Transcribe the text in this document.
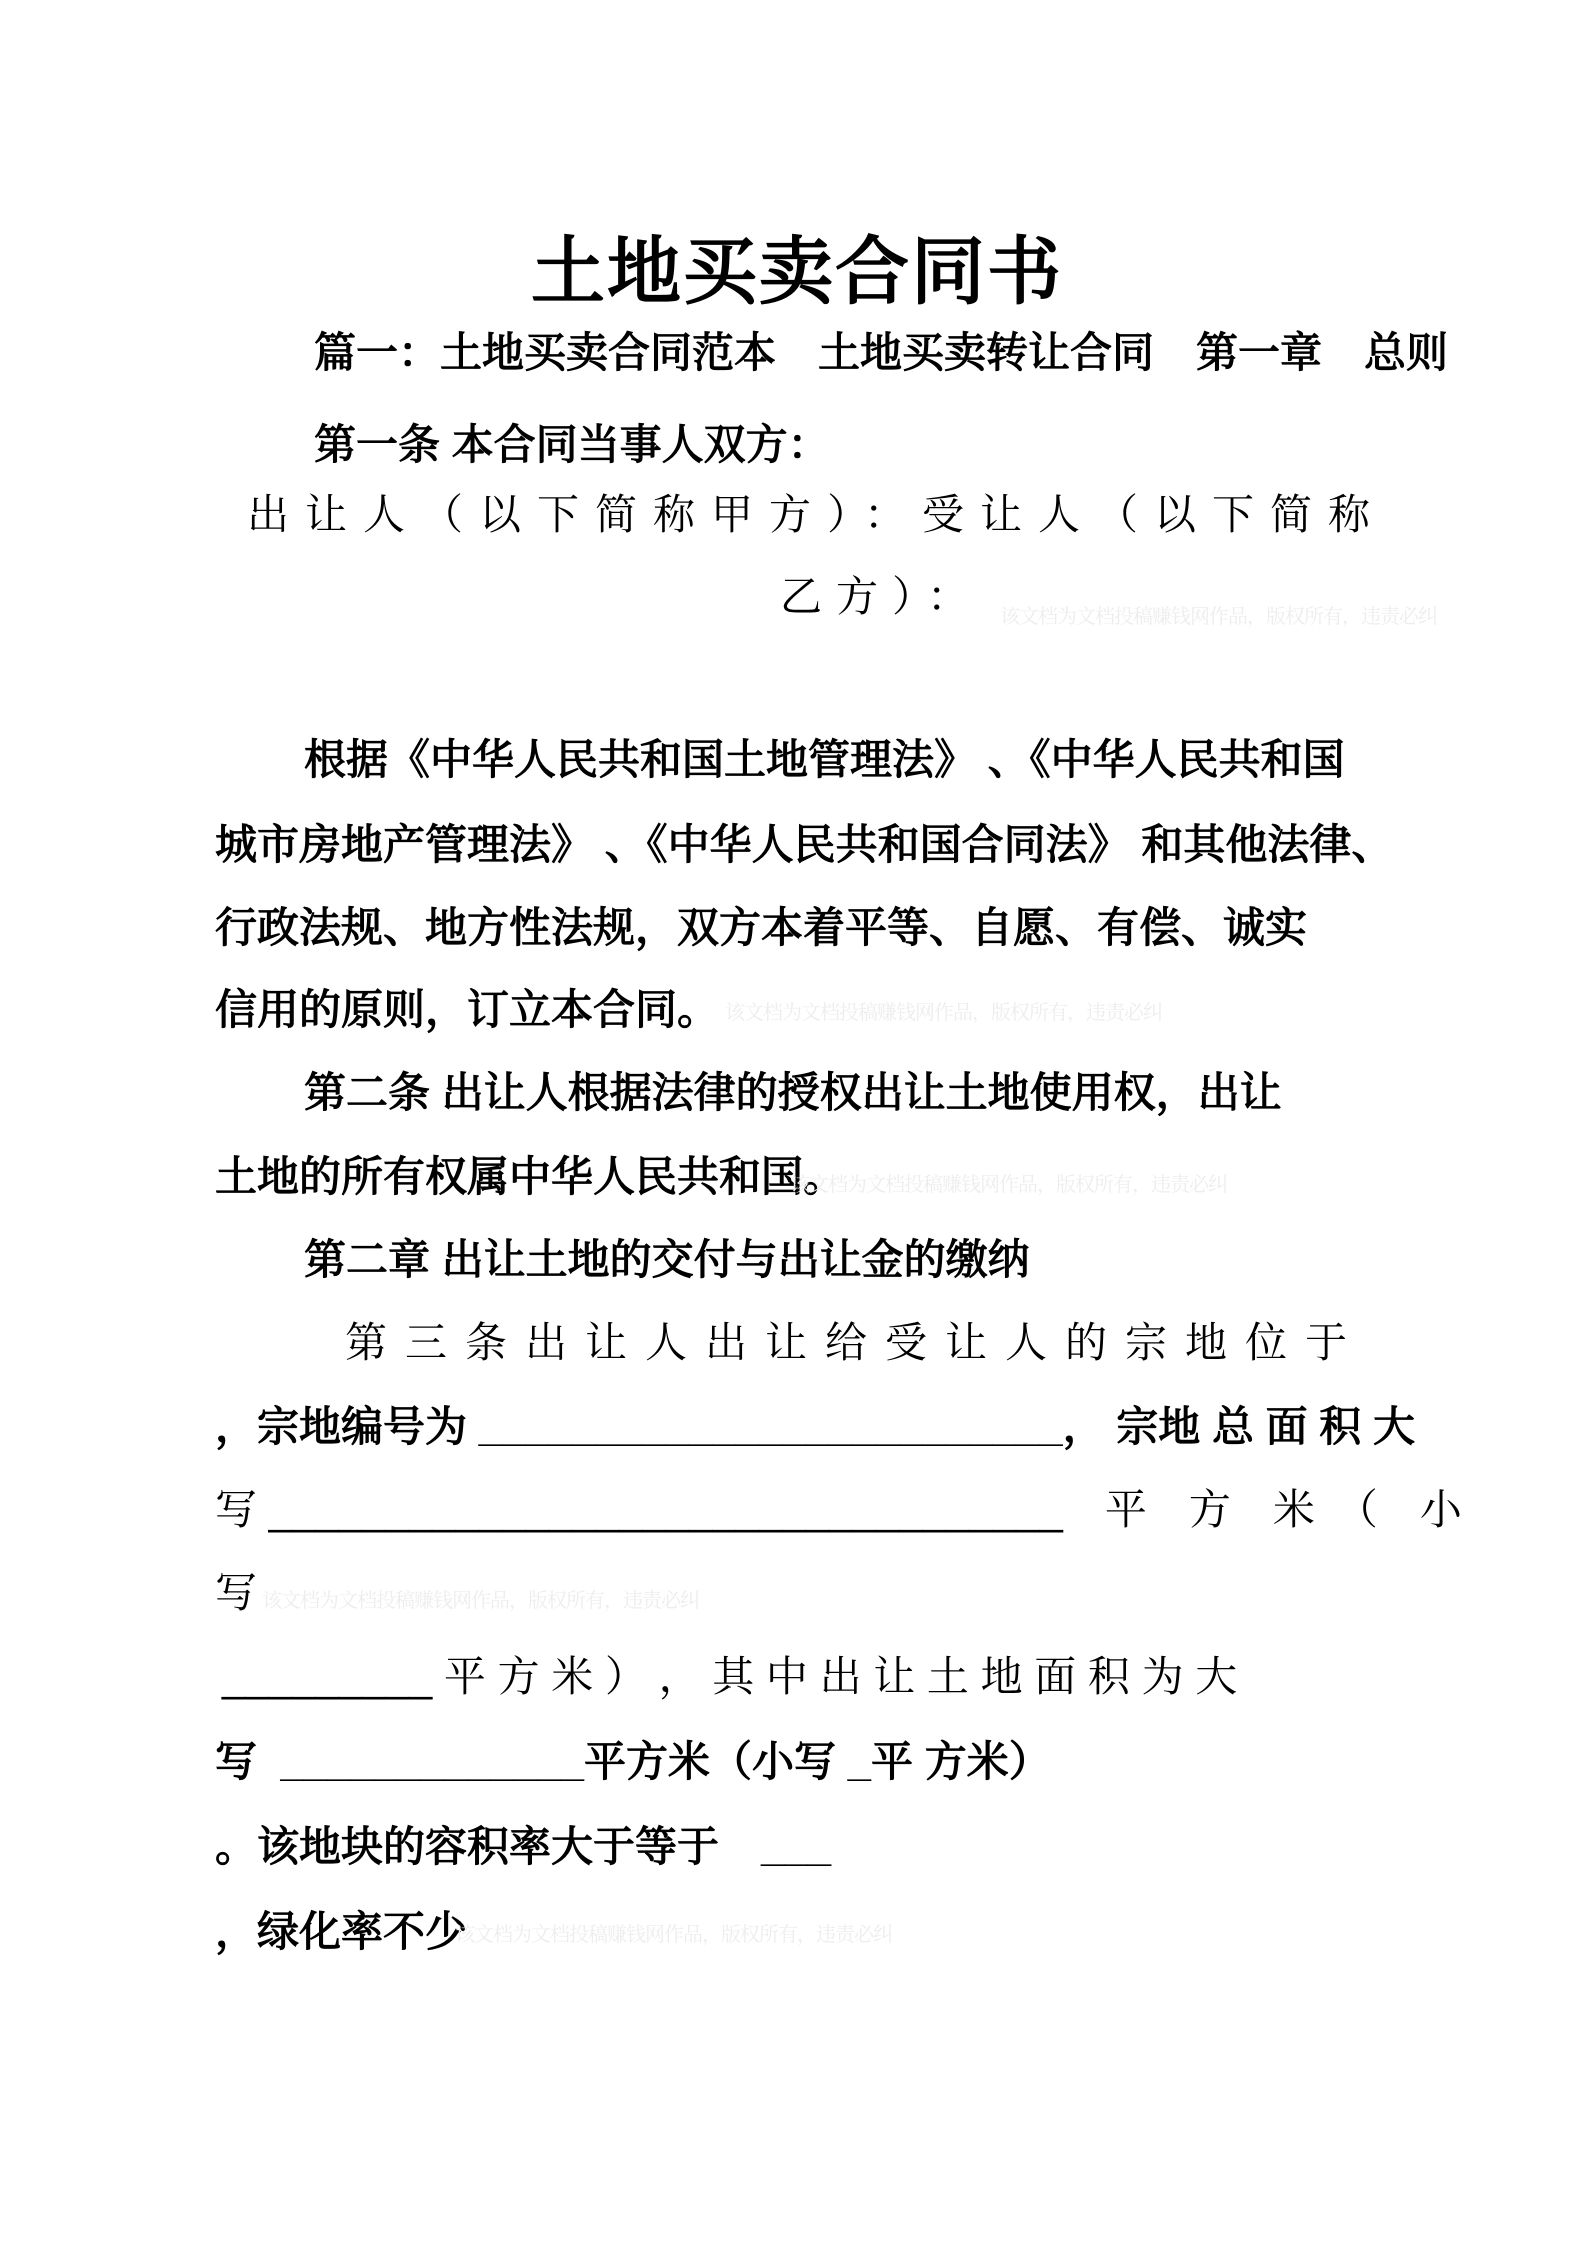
土地买卖合同书
篇一：土地买卖合同范本　土地买卖转让合同　第一章　总则
第一条 本合同当事人双方：
出让人（以下简称甲方）：受让人（以下简称
乙方）：
根据《中华人民共和国土地管理法》 、《中华人民共和国
城市房地产管理法》 、《中华人民共和国合同法》 和其他法律、
行政法规、地方性法规，双方本着平等、自愿、有偿、诚实
信用的原则，订立本合同。
第二条 出让人根据法律的授权出让土地使用权，出让
土地的所有权属中华人民共和国。
第二章 出让土地的交付与出让金的缴纳
第三条出让人出让给受让人的宗地位于
，宗地编号为 _________________________， 宗地 总 面 积 大
写 __________________________________　平　方　米　（　小
写
_________ 平 方 米 ） ， 其 中 出 让 土 地 面 积 为 大
写  _____________平方米（小写 _平 方米）
。该地块的容积率大于等于　___
，绿化率不少
该文档为文档投稿赚钱网作品，版权所有，违责必纠
该文档为文档投稿赚钱网作品，版权所有，违责必纠
该文档为文档投稿赚钱网作品，版权所有，违责必纠
该文档为文档投稿赚钱网作品，版权所有，违责必纠
该文档为文档投稿赚钱网作品，版权所有，违责必纠
